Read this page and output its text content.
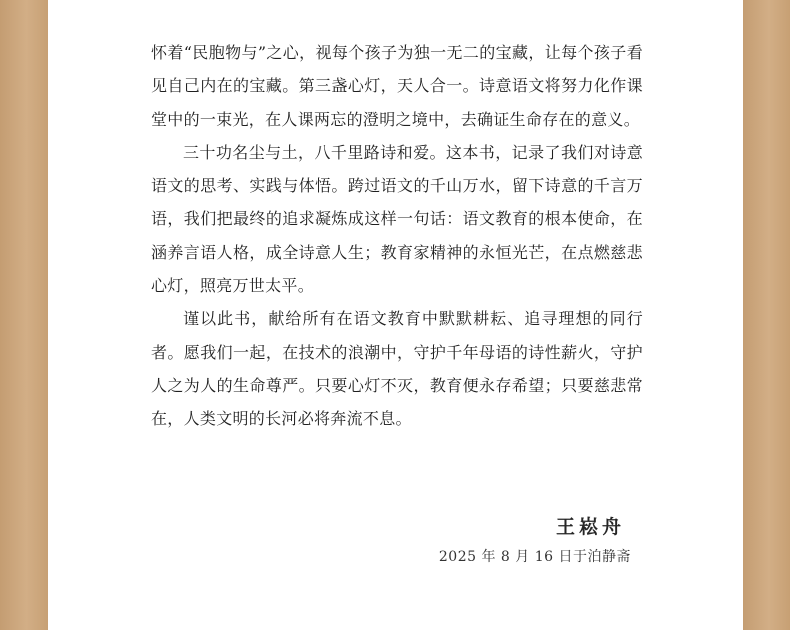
怀着“民胞物与”之心，视每个孩子为独一无二的宝藏，让每个孩子看见自己内在的宝藏。第三盏心灯，天人合一。诗意语文将努力化作课堂中的一束光，在人课两忘的澄明之境中，去确证生命存在的意义。

三十功名尘与土，八千里路诗和爱。这本书，记录了我们对诗意语文的思考、实践与体悟。跨过语文的千山万水，留下诗意的千言万语，我们把最终的追求凝炼成这样一句话：语文教育的根本使命，在涵养言语人格，成全诗意人生；教育家精神的永恒光芒，在点燃慈悲心灯，照亮万世太平。

谨以此书，献给所有在语文教育中默默耕耘、追寻理想的同行者。愿我们一起，在技术的浪潮中，守护千年母语的诗性薪火，守护人之为人的生命尊严。只要心灯不灭，教育便永存希望；只要慈悲常在，人类文明的长河必将奔流不息。

王崧舟
2025 年 8 月 16 日于泊静斋
